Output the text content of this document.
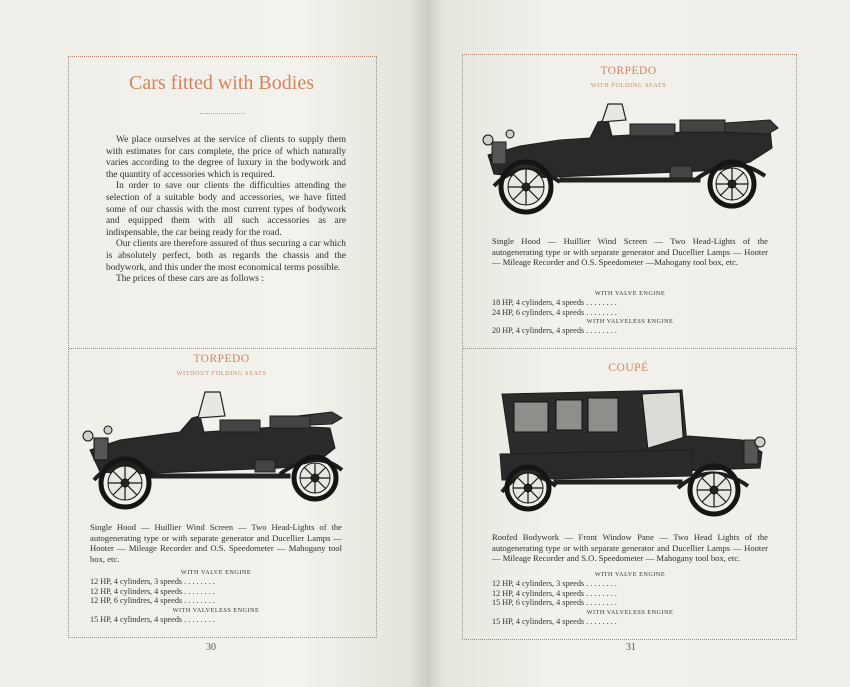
Cars fitted with Bodies

We place ourselves at the service of clients to supply them with estimates for cars complete, the price of which naturally varies according to the degree of luxury in the bodywork and the quantity of accessories which is required.

In order to save our clients the difficulties attending the selection of a suitable body and accessories, we have fitted some of our chassis with the most current types of bodywork and equipped them with all such accessories as are indispensable, the car being ready for the road.

Our clients are therefore assured of thus securing a car which is absolutely perfect, both as regards the chassis and the bodywork, and this under the most economical terms possible.

The prices of these cars are as follows :

TORPEDO
WITHOUT FOLDING SEATS
Single Hood — Huillier Wind Screen — Two Head-Lights of the autogenerating type or with separate generator and Ducellier Lamps — Hooter — Mileage Recorder and O.S. Speedometer — Mahogany tool box, etc.
WITH VALVE ENGINE
12 HP, 4 cylinders, 3 speeds . . . . . . . .
12 HP, 4 cylinders, 4 speeds . . . . . . . .
12 HP, 6 cylindres, 4 speeds . . . . . . . .
WITH VALVELESS ENGINE
15 HP, 4 cylinders, 4 speeds . . . . . . . .
30
TORPEDO
WITH FOLDING SEATS
Single Hood — Huillier Wind Screen — Two Head-Lights of the autogenerating type or with separate generator and Ducellier Lamps — Hooter — Mileage Recorder and O.S. Speedometer —Mahogany tool box, etc.
WITH VALVE ENGINE
18 HP, 4 cylinders, 4 speeds . . . . . . . .
24 HP, 6 cylinders, 4 speeds . . . . . . . .
WITH VALVELESS ENGINE
20 HP, 4 cylinders, 4 speeds . . . . . . . .
COUPÉ
Roofed Bodywork — Front Window Pane — Two Head Lights of the autogenerating type or with separate generator and Ducellier Lamps — Hooter — Mileage Recorder and S.O. Speedometer — Mahogany tool box, etc.
WITH VALVE ENGINE
12 HP, 4 cylinders, 3 speeds . . . . . . . .
12 HP, 4 cylinders, 4 speeds . . . . . . . .
15 HP, 6 cylinders, 4 speeds . . . . . . . .
WITH VALVELESS ENGINE
15 HP, 4 cylinders, 4 speeds . . . . . . . .
31
